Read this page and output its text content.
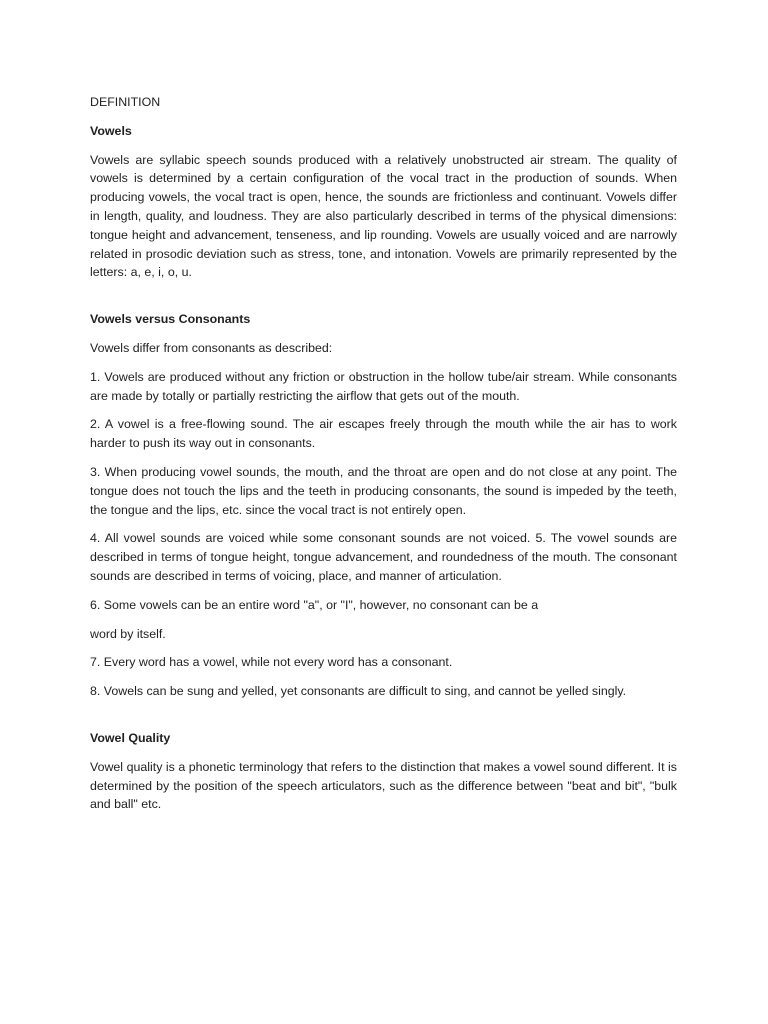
DEFINITION

Vowels

Vowels are syllabic speech sounds produced with a relatively unobstructed air stream. The quality of vowels is determined by a certain configuration of the vocal tract in the production of sounds. When producing vowels, the vocal tract is open, hence, the sounds are frictionless and continuant. Vowels differ in length, quality, and loudness. They are also particularly described in terms of the physical dimensions: tongue height and advancement, tenseness, and lip rounding. Vowels are usually voiced and are narrowly related in prosodic deviation such as stress, tone, and intonation. Vowels are primarily represented by the letters: a, e, i, o, u.

Vowels versus Consonants

Vowels differ from consonants as described:

1. Vowels are produced without any friction or obstruction in the hollow tube/air stream. While consonants are made by totally or partially restricting the airflow that gets out of the mouth.

2. A vowel is a free-flowing sound. The air escapes freely through the mouth while the air has to work harder to push its way out in consonants.

3. When producing vowel sounds, the mouth, and the throat are open and do not close at any point. The tongue does not touch the lips and the teeth in producing consonants, the sound is impeded by the teeth, the tongue and the lips, etc. since the vocal tract is not entirely open.

4. All vowel sounds are voiced while some consonant sounds are not voiced. 5. The vowel sounds are described in terms of tongue height, tongue advancement, and roundedness of the mouth. The consonant sounds are described in terms of voicing, place, and manner of articulation.

6. Some vowels can be an entire word "a", or "I", however, no consonant can be a

word by itself.

7. Every word has a vowel, while not every word has a consonant.

8. Vowels can be sung and yelled, yet consonants are difficult to sing, and cannot be yelled singly.

Vowel Quality

Vowel quality is a phonetic terminology that refers to the distinction that makes a vowel sound different. It is determined by the position of the speech articulators, such as the difference between "beat and bit", "bulk and ball" etc.
